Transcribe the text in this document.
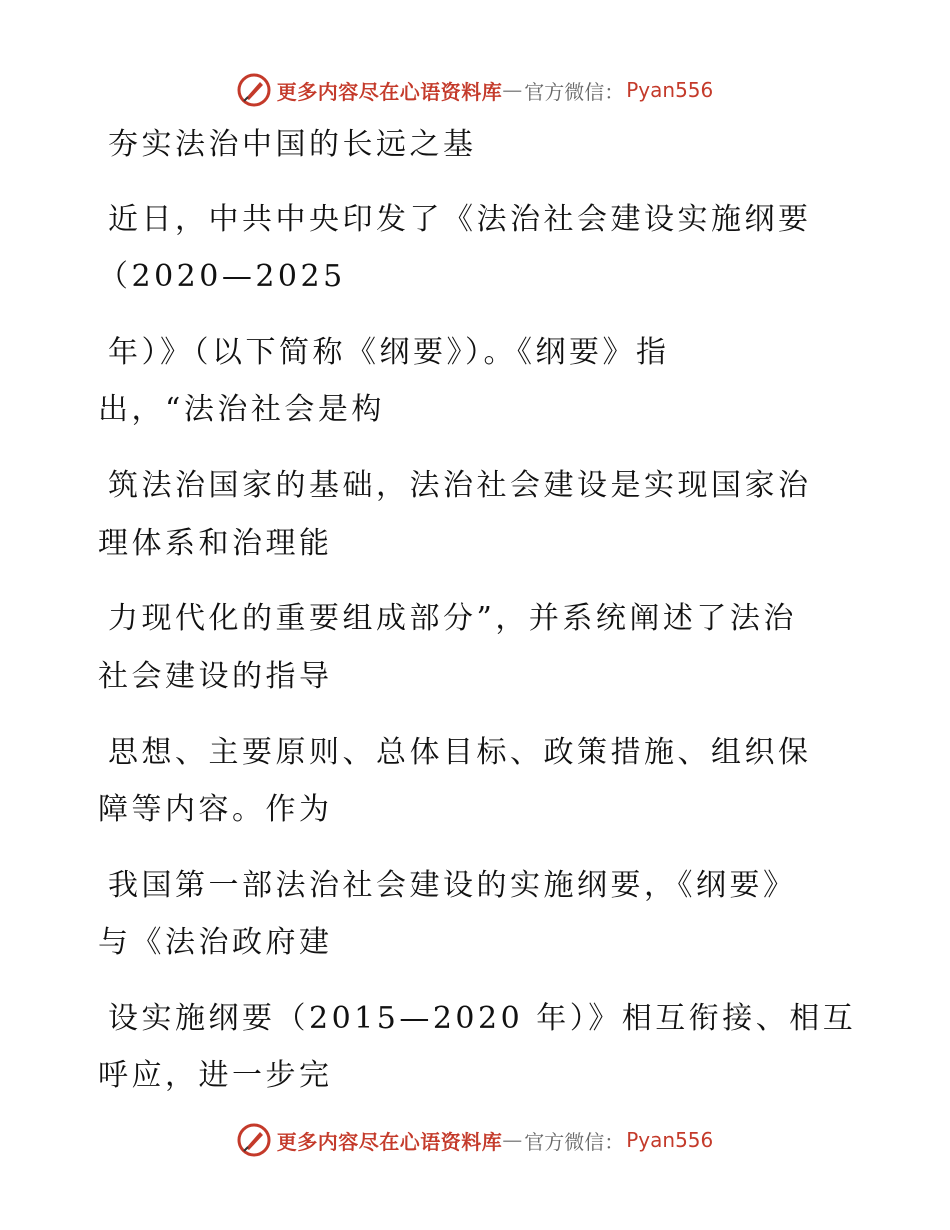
更多内容尽在心语资料库 — 官方微信： Pyan556
夯实法治中国的长远之基
近日，中共中央印发了《法治社会建设实施纲要
（2020—2025
年）》（以下简称《纲要》）。《纲要》指
出，“法治社会是构
筑法治国家的基础，法治社会建设是实现国家治
理体系和治理能
力现代化的重要组成部分”，并系统阐述了法治
社会建设的指导
思想、主要原则、总体目标、政策措施、组织保
障等内容。作为
我国第一部法治社会建设的实施纲要，《纲要》
与《法治政府建
设实施纲要（2015—2020 年）》相互衔接、相互
呼应，进一步完
更多内容尽在心语资料库 — 官方微信： Pyan556
